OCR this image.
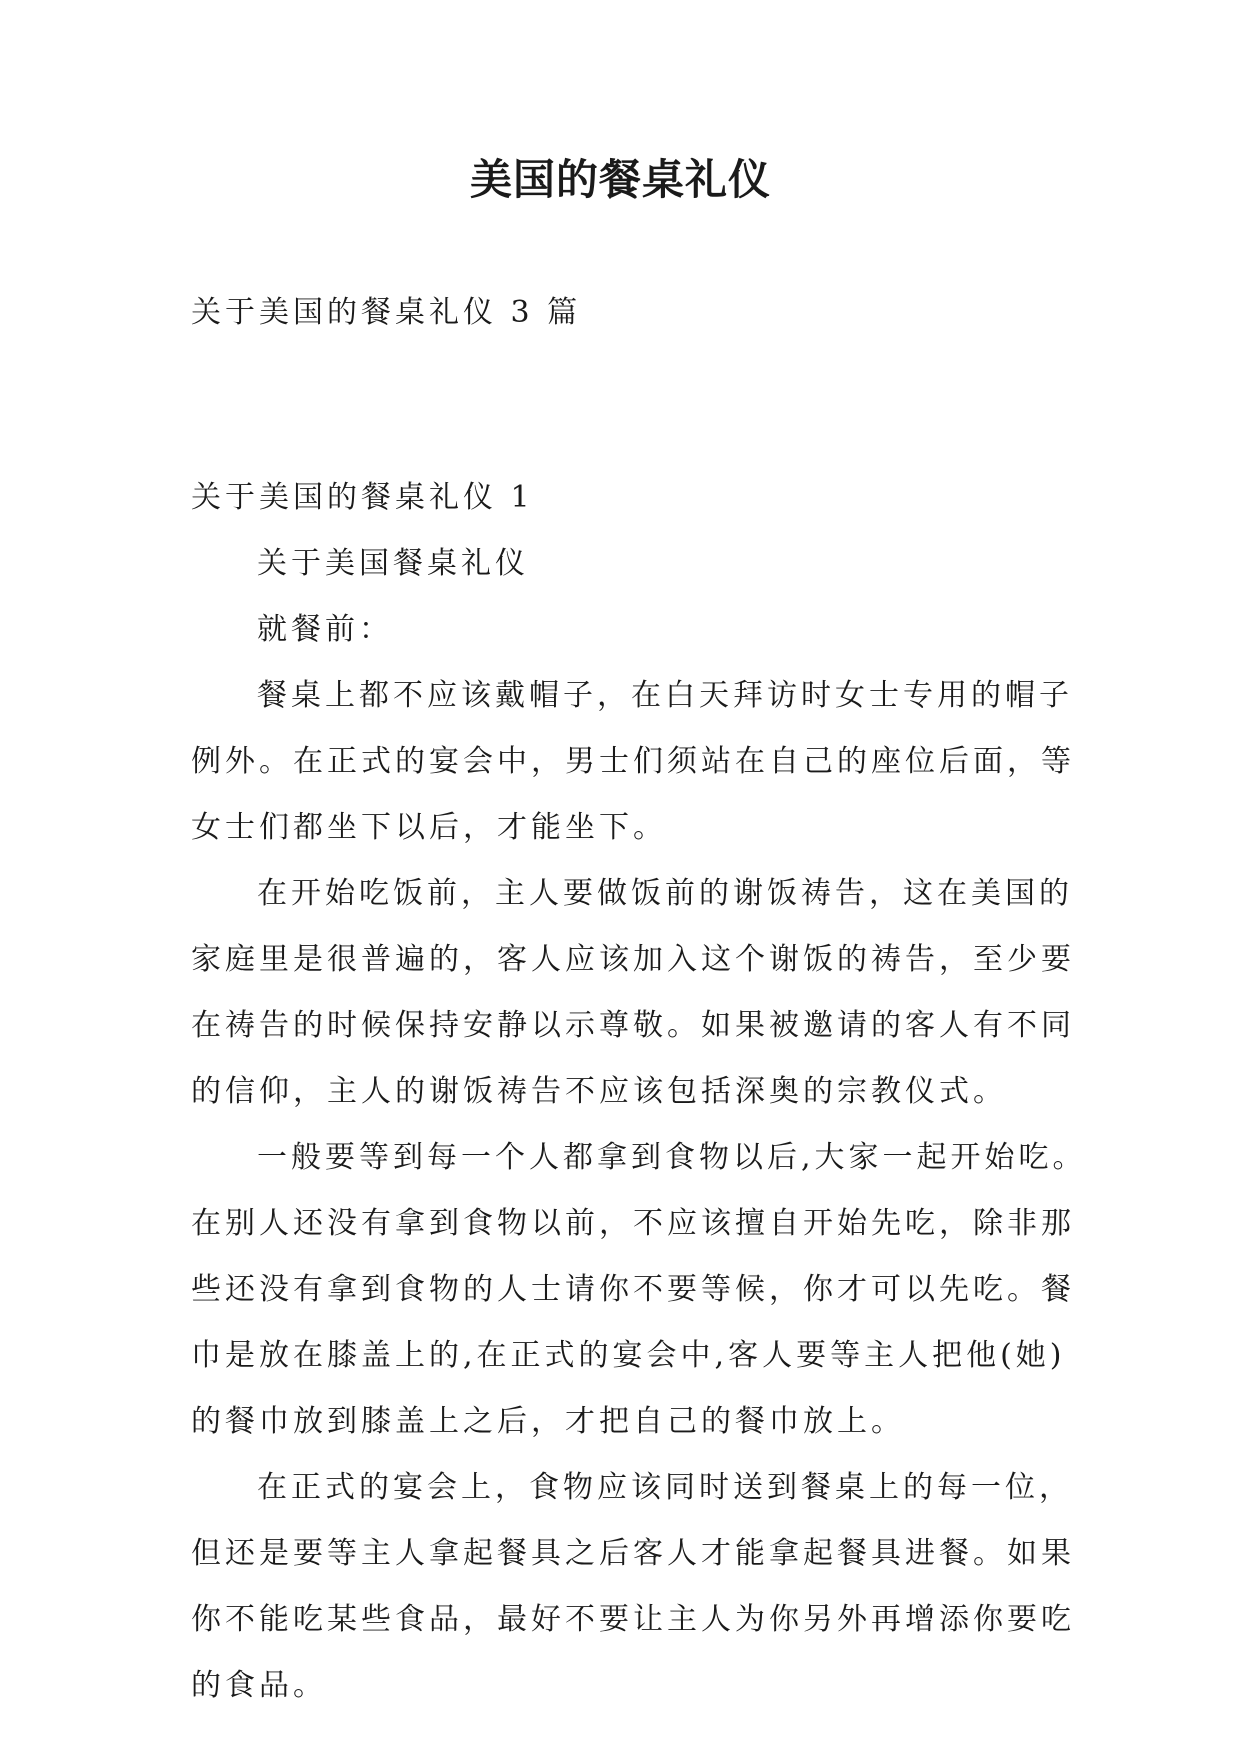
美国的餐桌礼仪

关于美国的餐桌礼仪 3 篇

关于美国的餐桌礼仪 1

关于美国餐桌礼仪

就餐前：

餐桌上都不应该戴帽子，在白天拜访时女士专用的帽子

例外。在正式的宴会中，男士们须站在自己的座位后面，等

女士们都坐下以后，才能坐下。

在开始吃饭前，主人要做饭前的谢饭祷告，这在美国的

家庭里是很普遍的，客人应该加入这个谢饭的祷告，至少要

在祷告的时候保持安静以示尊敬。如果被邀请的客人有不同

的信仰，主人的谢饭祷告不应该包括深奥的宗教仪式。

一般要等到每一个人都拿到食物以后,大家一起开始吃。

在别人还没有拿到食物以前，不应该擅自开始先吃，除非那

些还没有拿到食物的人士请你不要等候，你才可以先吃。餐

巾是放在膝盖上的,在正式的宴会中,客人要等主人把他(她)

的餐巾放到膝盖上之后，才把自己的餐巾放上。

在正式的宴会上，食物应该同时送到餐桌上的每一位，

但还是要等主人拿起餐具之后客人才能拿起餐具进餐。如果

你不能吃某些食品，最好不要让主人为你另外再增添你要吃

的食品。
